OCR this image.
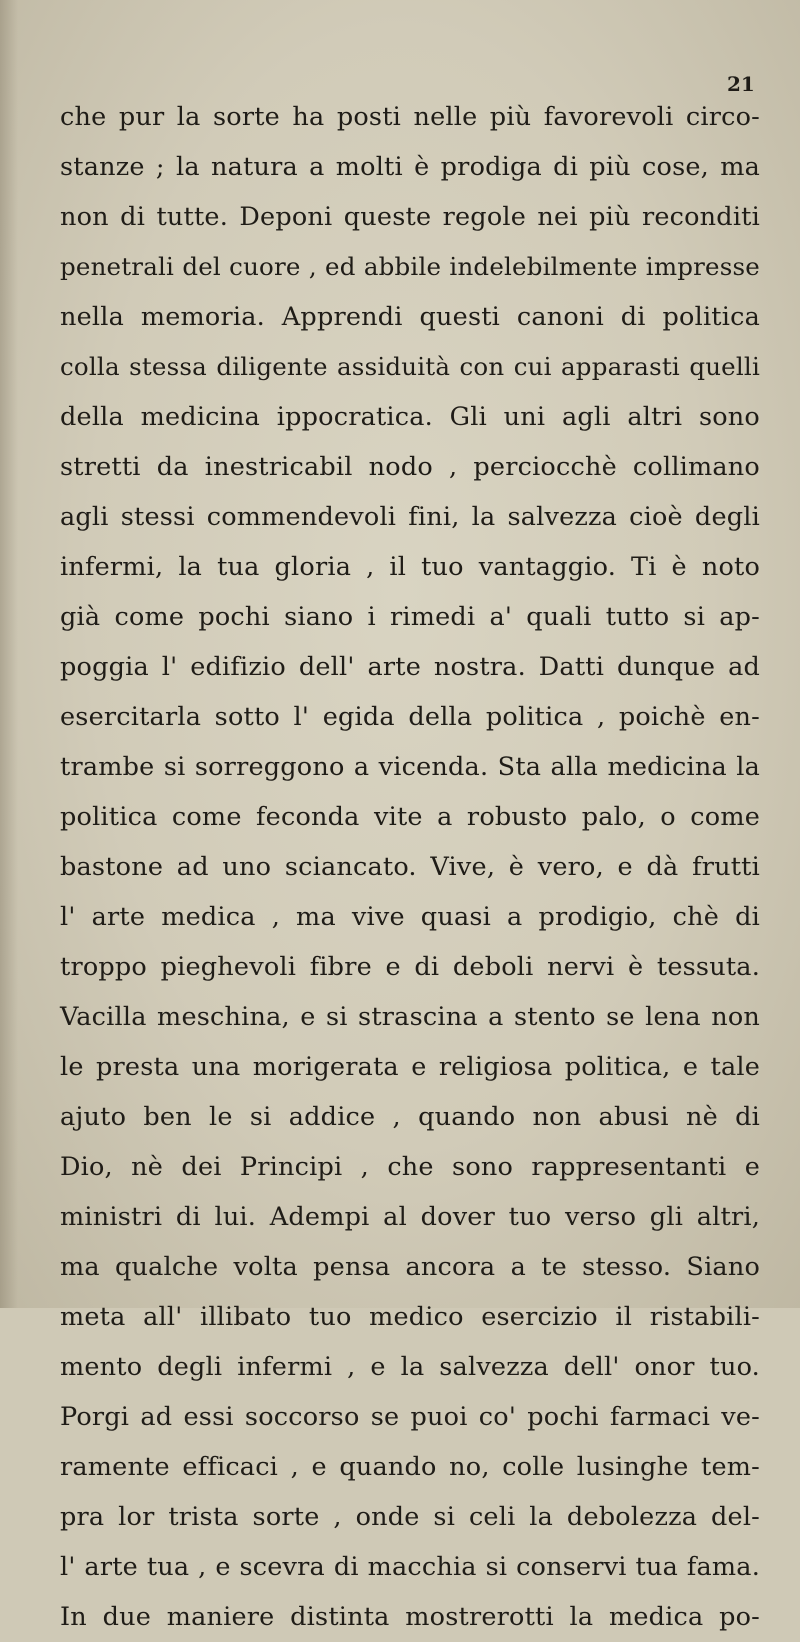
21
che pur la sorte ha posti nelle più favorevoli circo-
stanze ; la natura a molti è prodiga di più cose, ma
non di tutte. Deponi queste regole nei più reconditi
penetrali del cuore , ed abbile indelebilmente impresse
nella memoria. Apprendi questi canoni di politica
colla stessa diligente assiduità con cui apparasti quelli
della medicina ippocratica. Gli uni agli altri sono
stretti da inestricabil nodo , perciocchè collimano
agli stessi commendevoli fini, la salvezza cioè degli
infermi, la tua gloria , il tuo vantaggio. Ti è noto
già come pochi siano i rimedi a' quali tutto si ap-
poggia l' edifizio dell' arte nostra. Datti dunque ad
esercitarla sotto l' egida della politica , poichè en-
trambe si sorreggono a vicenda. Sta alla medicina la
politica come feconda vite a robusto palo, o come
bastone ad uno sciancato. Vive, è vero, e dà frutti
l' arte medica , ma vive quasi a prodigio, chè di
troppo pieghevoli fibre e di deboli nervi è tessuta.
Vacilla meschina, e si strascina a stento se lena non
le presta una morigerata e religiosa politica, e tale
ajuto ben le si addice , quando non abusi nè di
Dio, nè dei Principi , che sono rappresentanti e
ministri di lui. Adempi al dover tuo verso gli altri,
ma qualche volta pensa ancora a te stesso. Siano
meta all' illibato tuo medico esercizio il ristabili-
mento degli infermi , e la salvezza dell' onor tuo.
Porgi ad essi soccorso se puoi co' pochi farmaci ve-
ramente efficaci , e quando no, colle lusinghe tem-
pra lor trista sorte , onde si celi la debolezza del-
l' arte tua , e scevra di macchia si conservi tua fama.
In due maniere distinta mostrerotti la medica po-
